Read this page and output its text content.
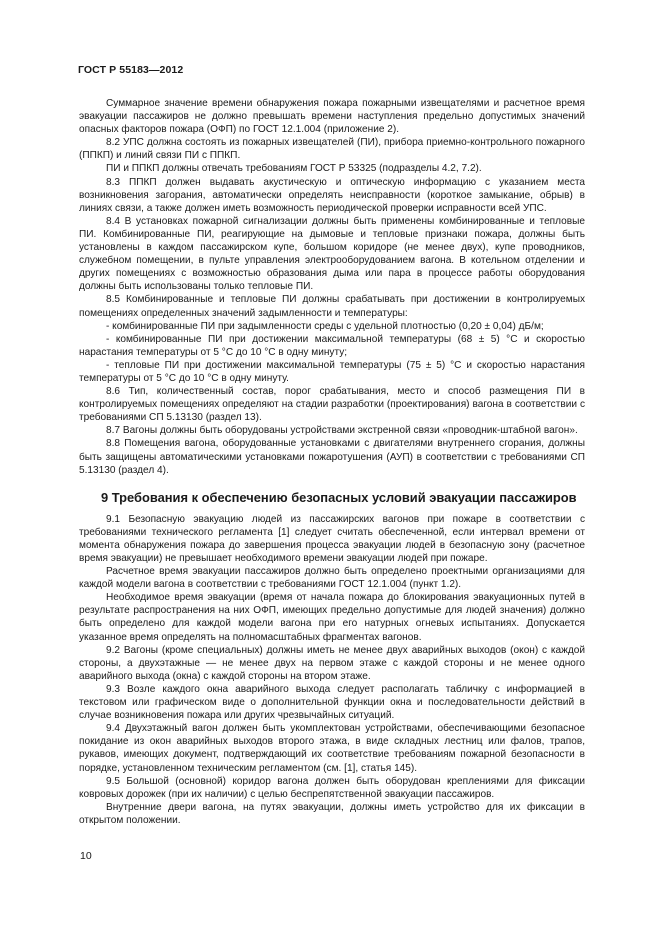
ГОСТ Р 55183—2012

Суммарное значение времени обнаружения пожара пожарными извещателями и расчетное время эвакуации пассажиров не должно превышать времени наступления предельно допустимых значений опасных факторов пожара (ОФП) по ГОСТ 12.1.004 (приложение 2).

8.2 УПС должна состоять из пожарных извещателей (ПИ), прибора приемно-контрольного пожарного (ППКП) и линий связи ПИ с ППКП.

ПИ и ППКП должны отвечать требованиям ГОСТ Р 53325 (подразделы 4.2, 7.2).

8.3 ППКП должен выдавать акустическую и оптическую информацию с указанием места возникновения загорания, автоматически определять неисправности (короткое замыкание, обрыв) в линиях связи, а также должен иметь возможность периодической проверки исправности всей УПС.

8.4 В установках пожарной сигнализации должны быть применены комбинированные и тепловые ПИ. Комбинированные ПИ, реагирующие на дымовые и тепловые признаки пожара, должны быть установлены в каждом пассажирском купе, большом коридоре (не менее двух), купе проводников, служебном помещении, в пульте управления электрооборудованием вагона. В котельном отделении и других помещениях с возможностью образования дыма или пара в процессе работы оборудования должны быть использованы только тепловые ПИ.

8.5 Комбинированные и тепловые ПИ должны срабатывать при достижении в контролируемых помещениях определенных значений задымленности и температуры:

- комбинированные ПИ при задымленности среды с удельной плотностью (0,20 ± 0,04) дБ/м;

- комбинированные ПИ при достижении максимальной температуры (68 ± 5) °С и скоростью нарастания температуры от 5 °С до 10 °С в одну минуту;

- тепловые ПИ при достижении максимальной температуры (75 ± 5) °С и скоростью нарастания температуры от 5 °С до 10 °С в одну минуту.

8.6 Тип, количественный состав, порог срабатывания, место и способ размещения ПИ в контролируемых помещениях определяют на стадии разработки (проектирования) вагона в соответствии с требованиями СП 5.13130 (раздел 13).

8.7 Вагоны должны быть оборудованы устройствами экстренной связи «проводник-штабной вагон».

8.8 Помещения вагона, оборудованные установками с двигателями внутреннего сгорания, должны быть защищены автоматическими установками пожаротушения (АУП) в соответствии с требованиями СП 5.13130 (раздел 4).

9 Требования к обеспечению безопасных условий эвакуации пассажиров

9.1 Безопасную эвакуацию людей из пассажирских вагонов при пожаре в соответствии с требованиями технического регламента [1] следует считать обеспеченной, если интервал времени от момента обнаружения пожара до завершения процесса эвакуации людей в безопасную зону (расчетное время эвакуации) не превышает необходимого времени эвакуации людей при пожаре.

Расчетное время эвакуации пассажиров должно быть определено проектными организациями для каждой модели вагона в соответствии с требованиями ГОСТ 12.1.004 (пункт 1.2).

Необходимое время эвакуации (время от начала пожара до блокирования эвакуационных путей в результате распространения на них ОФП, имеющих предельно допустимые для людей значения) должно быть определено для каждой модели вагона при его натурных огневых испытаниях. Допускается указанное время определять на полномасштабных фрагментах вагонов.

9.2 Вагоны (кроме специальных) должны иметь не менее двух аварийных выходов (окон) с каждой стороны, а двухэтажные — не менее двух на первом этаже с каждой стороны и не менее одного аварийного выхода (окна) с каждой стороны на втором этаже.

9.3 Возле каждого окна аварийного выхода следует располагать табличку с информацией в текстовом или графическом виде о дополнительной функции окна и последовательности действий в случае возникновения пожара или других чрезвычайных ситуаций.

9.4 Двухэтажный вагон должен быть укомплектован устройствами, обеспечивающими безопасное покидание из окон аварийных выходов второго этажа, в виде складных лестниц или фалов, трапов, рукавов, имеющих документ, подтверждающий их соответствие требованиям пожарной безопасности в порядке, установленном техническим регламентом (см. [1], статья 145).

9.5 Большой (основной) коридор вагона должен быть оборудован креплениями для фиксации ковровых дорожек (при их наличии) с целью беспрепятственной эвакуации пассажиров.

Внутренние двери вагона, на путях эвакуации, должны иметь устройство для их фиксации в открытом положении.

10
